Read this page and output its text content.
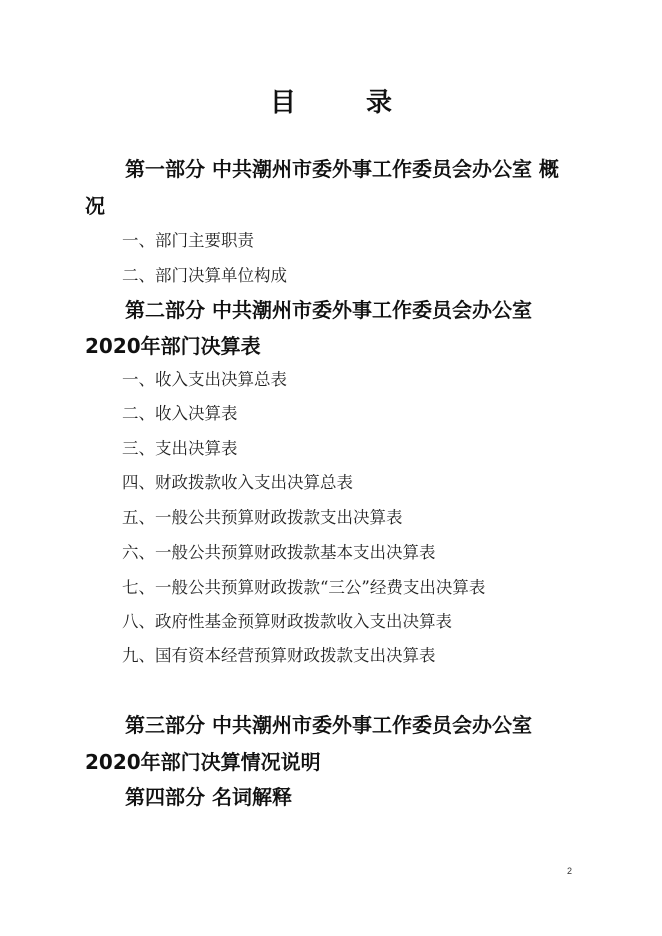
目	录
第一部分 中共潮州市委外事工作委员会办公室 概
况
一、部门主要职责
二、部门决算单位构成
第二部分 中共潮州市委外事工作委员会办公室
2020年部门决算表
一、收入支出决算总表
二、收入决算表
三、支出决算表
四、财政拨款收入支出决算总表
五、一般公共预算财政拨款支出决算表
六、一般公共预算财政拨款基本支出决算表
七、一般公共预算财政拨款“三公”经费支出决算表
八、政府性基金预算财政拨款收入支出决算表
九、国有资本经营预算财政拨款支出决算表
第三部分 中共潮州市委外事工作委员会办公室
2020年部门决算情况说明
第四部分 名词解释
2
